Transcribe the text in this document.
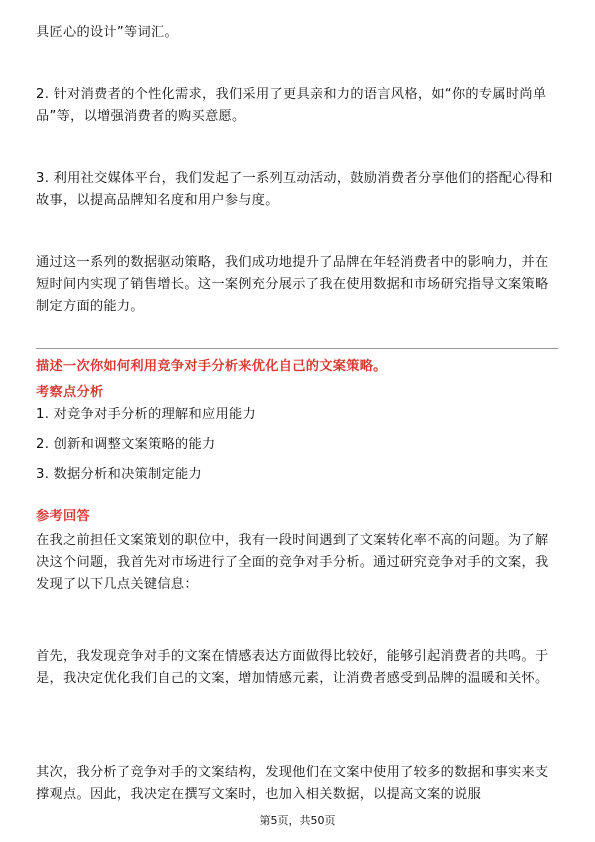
具匠心的设计”等词汇。

2. 针对消费者的个性化需求，我们采用了更具亲和力的语言风格，如“你的专属时尚单品”等，以增强消费者的购买意愿。

3. 利用社交媒体平台，我们发起了一系列互动活动，鼓励消费者分享他们的搭配心得和故事，以提高品牌知名度和用户参与度。

通过这一系列的数据驱动策略，我们成功地提升了品牌在年轻消费者中的影响力，并在短时间内实现了销售增长。这一案例充分展示了我在使用数据和市场研究指导文案策略制定方面的能力。

描述一次你如何利用竞争对手分析来优化自己的文案策略。

考察点分析

1. 对竞争对手分析的理解和应用能力

2. 创新和调整文案策略的能力

3. 数据分析和决策制定能力

参考回答

在我之前担任文案策划的职位中，我有一段时间遇到了文案转化率不高的问题。为了解决这个问题，我首先对市场进行了全面的竞争对手分析。通过研究竞争对手的文案，我发现了以下几点关键信息：

首先，我发现竞争对手的文案在情感表达方面做得比较好，能够引起消费者的共鸣。于是，我决定优化我们自己的文案，增加情感元素，让消费者感受到品牌的温暖和关怀。

其次，我分析了竞争对手的文案结构，发现他们在文案中使用了较多的数据和事实来支撑观点。因此，我决定在撰写文案时，也加入相关数据，以提高文案的说服

第5页，共50页
